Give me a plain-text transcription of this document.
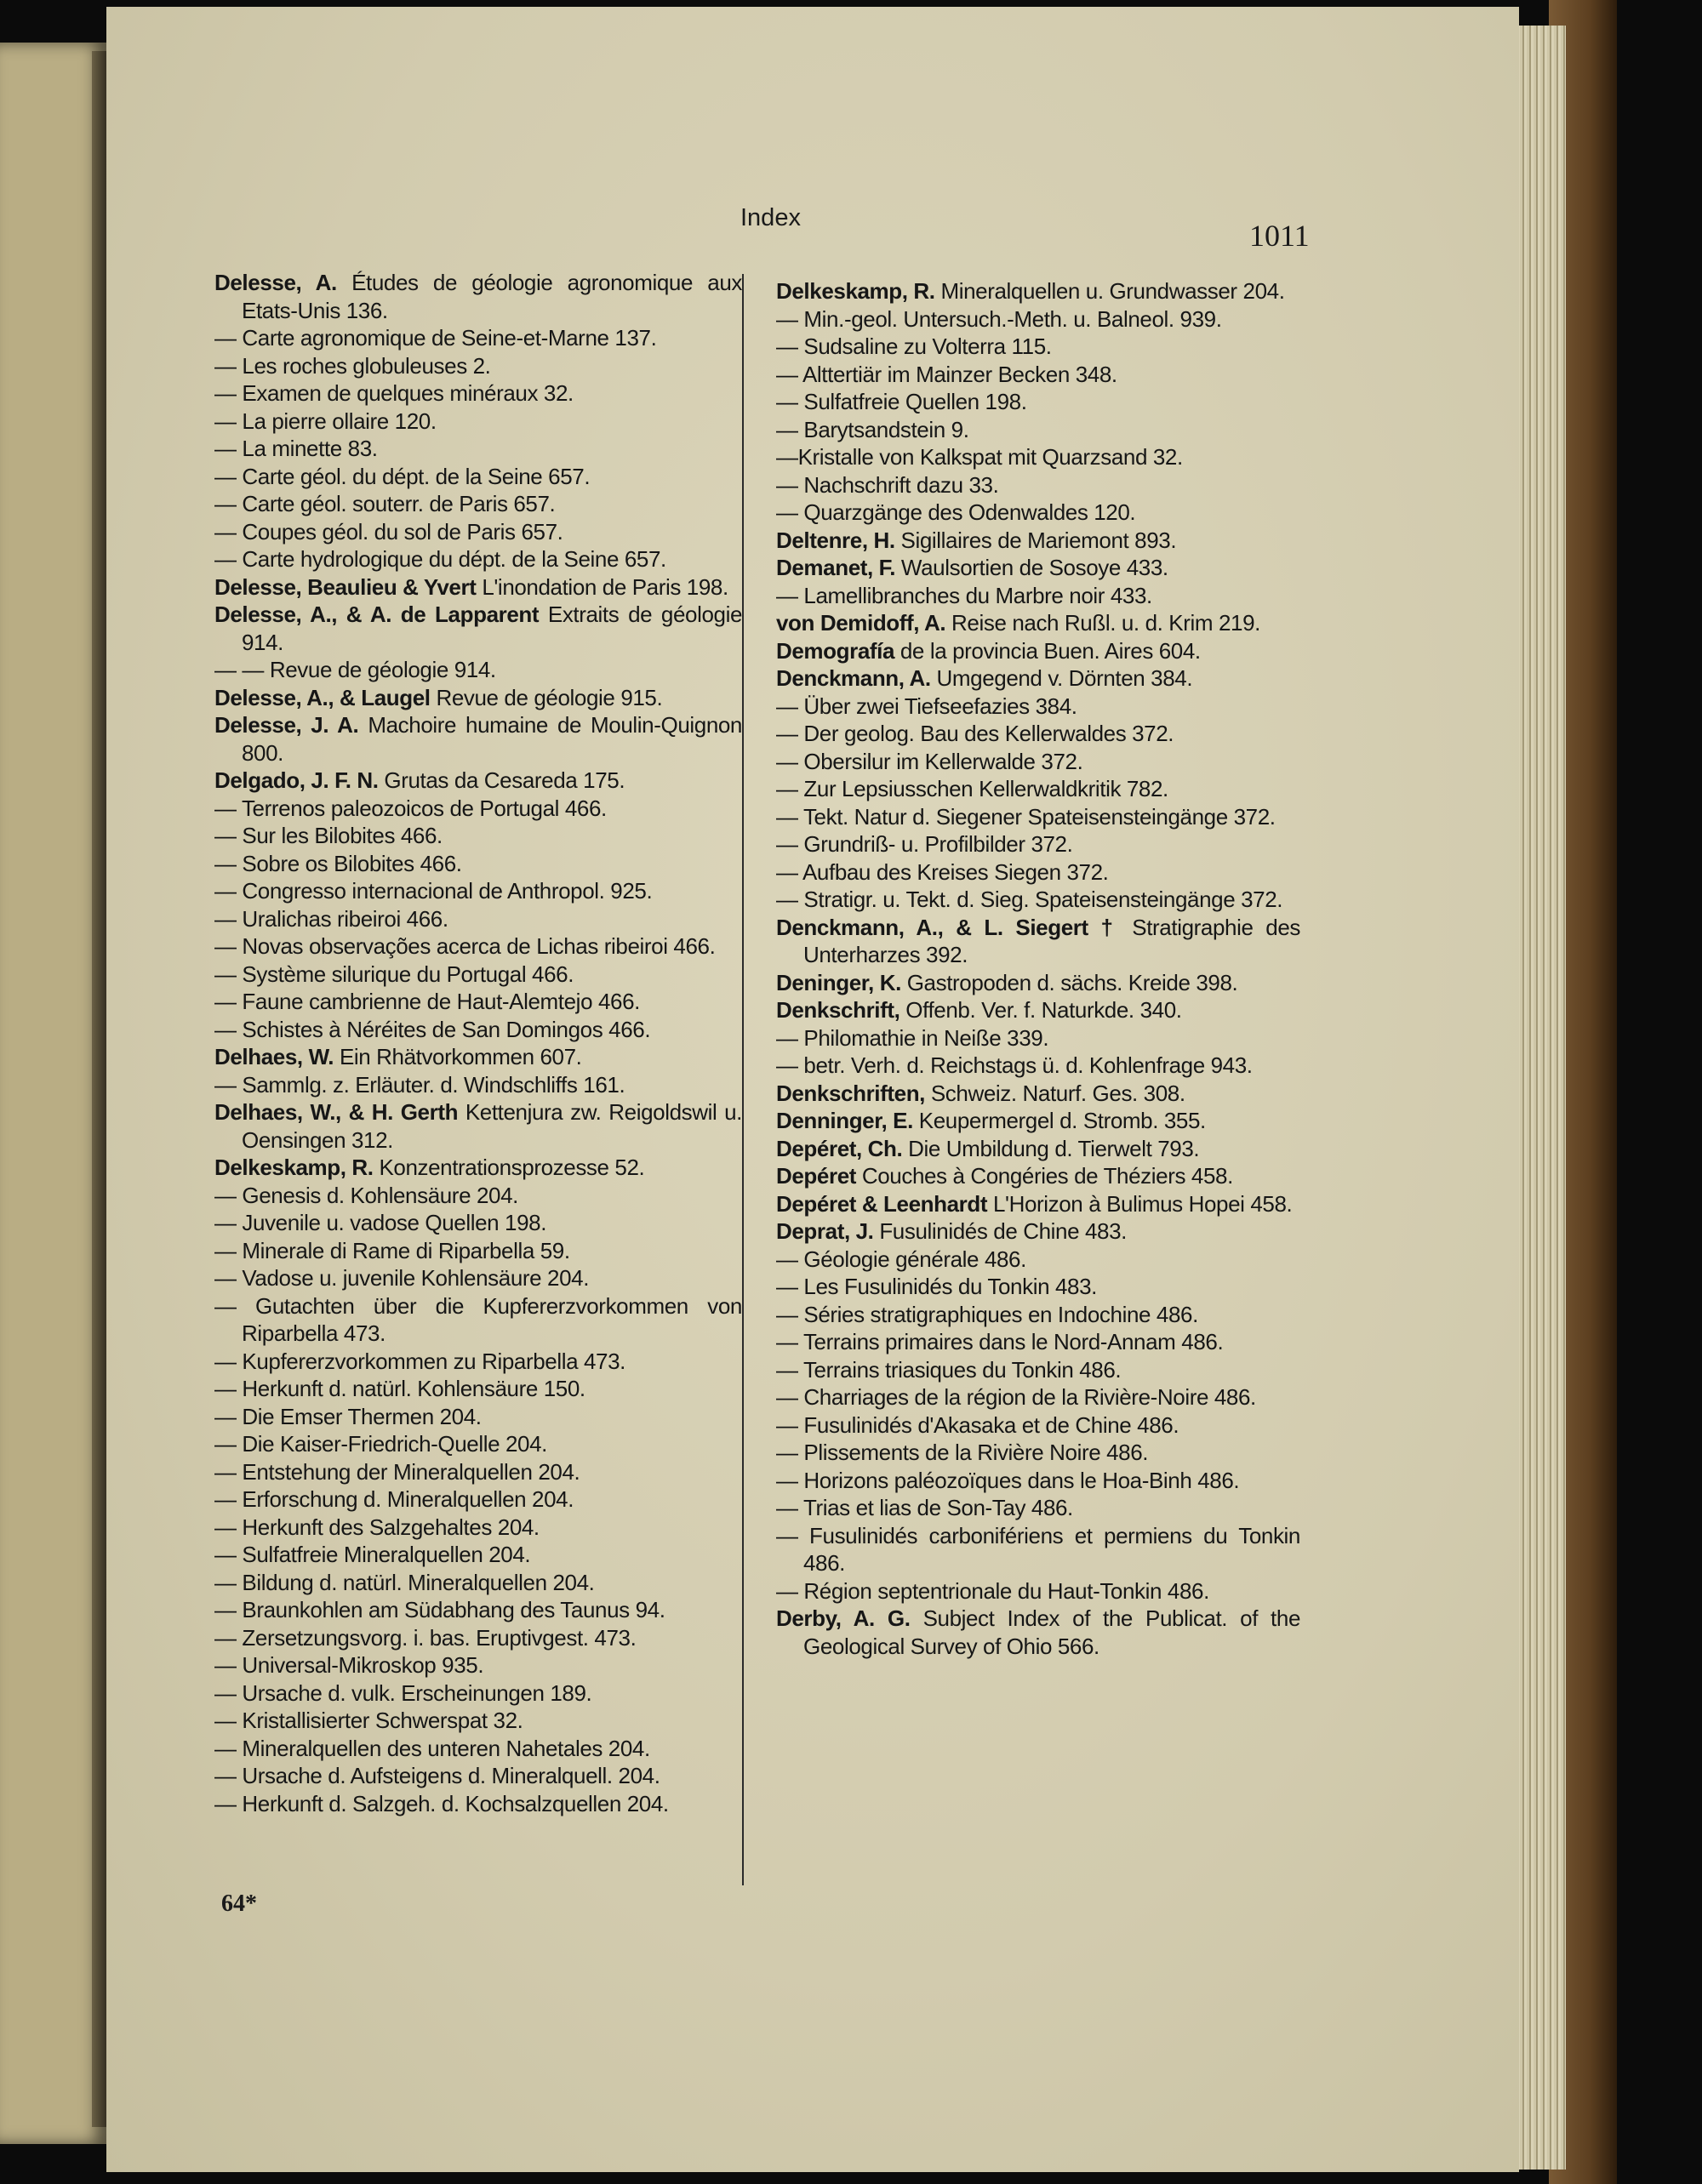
Index
1011

Delesse, A. Études de géologie agronomique aux Etats-Unis 136.

— Carte agronomique de Seine-et-Marne 137.

— Les roches globuleuses 2.

— Examen de quelques minéraux 32.

— La pierre ollaire 120.

— La minette 83.

— Carte géol. du dépt. de la Seine 657.

— Carte géol. souterr. de Paris 657.

— Coupes géol. du sol de Paris 657.

— Carte hydrologique du dépt. de la Seine 657.

Delesse, Beaulieu & Yvert L'inondation de Paris 198.

Delesse, A., & A. de Lapparent Extraits de géologie 914.

— — Revue de géologie 914.

Delesse, A., & Laugel Revue de géologie 915.

Delesse, J. A. Machoire humaine de Moulin-Quignon 800.

Delgado, J. F. N. Grutas da Cesareda 175.

— Terrenos paleozoicos de Portugal 466.

— Sur les Bilobites 466.

— Sobre os Bilobites 466.

— Congresso internacional de Anthropol. 925.

— Uralichas ribeiroi 466.

— Novas observações acerca de Lichas ribeiroi 466.

— Système silurique du Portugal 466.

— Faune cambrienne de Haut-Alemtejo 466.

— Schistes à Néréites de San Domingos 466.

Delhaes, W. Ein Rhätvorkommen 607.

— Sammlg. z. Erläuter. d. Windschliffs 161.

Delhaes, W., & H. Gerth Kettenjura zw. Reigoldswil u. Oensingen 312.

Delkeskamp, R. Konzentrationsprozesse 52.

— Genesis d. Kohlensäure 204.

— Juvenile u. vadose Quellen 198.

— Minerale di Rame di Riparbella 59.

— Vadose u. juvenile Kohlensäure 204.

— Gutachten über die Kupfererzvorkommen von Riparbella 473.

— Kupfererzvorkommen zu Riparbella 473.

— Herkunft d. natürl. Kohlensäure 150.

— Die Emser Thermen 204.

— Die Kaiser-Friedrich-Quelle 204.

— Entstehung der Mineralquellen 204.

— Erforschung d. Mineralquellen 204.

— Herkunft des Salzgehaltes 204.

— Sulfatfreie Mineralquellen 204.

— Bildung d. natürl. Mineralquellen 204.

— Braunkohlen am Südabhang des Taunus 94.

— Zersetzungsvorg. i. bas. Eruptivgest. 473.

— Universal-Mikroskop 935.

— Ursache d. vulk. Erscheinungen 189.

— Kristallisierter Schwerspat 32.

— Mineralquellen des unteren Nahetales 204.

— Ursache d. Aufsteigens d. Mineralquell. 204.

— Herkunft d. Salzgeh. d. Kochsalzquellen 204.

Delkeskamp, R. Mineralquellen u. Grundwasser 204.

— Min.-geol. Untersuch.-Meth. u. Balneol. 939.

— Sudsaline zu Volterra 115.

— Alttertiär im Mainzer Becken 348.

— Sulfatfreie Quellen 198.

— Barytsandstein 9.

—Kristalle von Kalkspat mit Quarzsand 32.

— Nachschrift dazu 33.

— Quarzgänge des Odenwaldes 120.

Deltenre, H. Sigillaires de Mariemont 893.

Demanet, F. Waulsortien de Sosoye 433.

— Lamellibranches du Marbre noir 433.

von Demidoff, A. Reise nach Rußl. u. d. Krim 219.

Demografía de la provincia Buen. Aires 604.

Denckmann, A. Umgegend v. Dörnten 384.

— Über zwei Tiefseefazies 384.

— Der geolog. Bau des Kellerwaldes 372.

— Obersilur im Kellerwalde 372.

— Zur Lepsiusschen Kellerwaldkritik 782.

— Tekt. Natur d. Siegener Spateisensteingänge 372.

— Grundriß- u. Profilbilder 372.

— Aufbau des Kreises Siegen 372.

— Stratigr. u. Tekt. d. Sieg. Spateisensteingänge 372.

Denckmann, A., & L. Siegert † Stratigraphie des Unterharzes 392.

Deninger, K. Gastropoden d. sächs. Kreide 398.

Denkschrift, Offenb. Ver. f. Naturkde. 340.

— Philomathie in Neiße 339.

— betr. Verh. d. Reichstags ü. d. Kohlenfrage 943.

Denkschriften, Schweiz. Naturf. Ges. 308.

Denninger, E. Keupermergel d. Stromb. 355.

Depéret, Ch. Die Umbildung d. Tierwelt 793.

Depéret Couches à Congéries de Théziers 458.

Depéret & Leenhardt L'Horizon à Bulimus Hopei 458.

Deprat, J. Fusulinidés de Chine 483.

— Géologie générale 486.

— Les Fusulinidés du Tonkin 483.

— Séries stratigraphiques en Indochine 486.

— Terrains primaires dans le Nord-Annam 486.

— Terrains triasiques du Tonkin 486.

— Charriages de la région de la Rivière-Noire 486.

— Fusulinidés d'Akasaka et de Chine 486.

— Plissements de la Rivière Noire 486.

— Horizons paléozoïques dans le Hoa-Binh 486.

— Trias et lias de Son-Tay 486.

— Fusulinidés carbonifériens et permiens du Tonkin 486.

— Région septentrionale du Haut-Tonkin 486.

Derby, A. G. Subject Index of the Publicat. of the Geological Survey of Ohio 566.

64*
